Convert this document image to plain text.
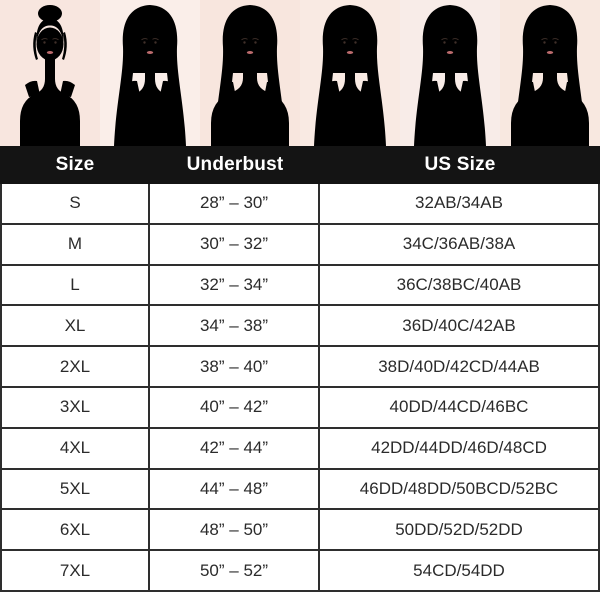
Size	Underbust	US Size
S	28” – 30”	32AB/34AB
M	30” – 32”	34C/36AB/38A
L	32” – 34”	36C/38BC/40AB
XL	34” – 38”	36D/40C/42AB
2XL	38” – 40”	38D/40D/42CD/44AB
3XL	40” – 42”	40DD/44CD/46BC
4XL	42” – 44”	42DD/44DD/46D/48CD
5XL	44” – 48”	46DD/48DD/50BCD/52BC
6XL	48” – 50”	50DD/52D/52DD
7XL	50” – 52”	54CD/54DD
